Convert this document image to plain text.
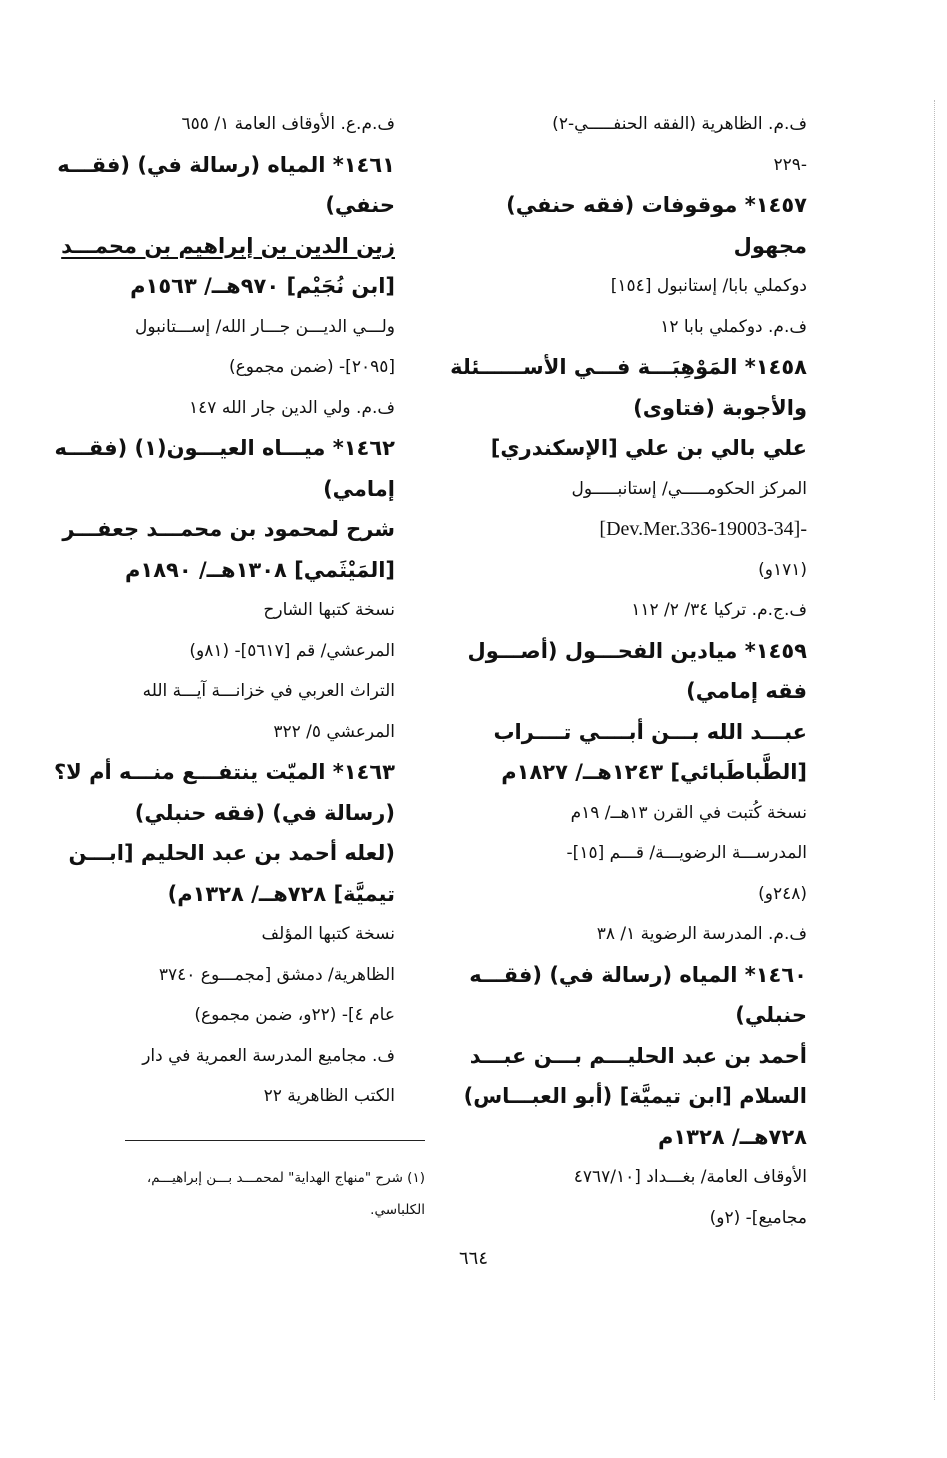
ف.م. الظاهرية (الفقه الحنفـــــي-٢)
-٢٢٩
١٤٥٧* موقوفات (فقه حنفي)
مجهول
دوكملي بابا/ إستانبول [١٥٤]
ف.م. دوكملي بابا ١٢
١٤٥٨* المَوْهِبَـــة فـــي الأســــــئلة
والأجوبة (فتاوى)
علي بالي بن علي [الإسكندري]
المركز الحكومـــــي/ إستانبـــــول
-[34-Dev.Mer.336-19003]
(١٧١و)
ف.ج.م. تركيا ٣٤/ ٢/ ١١٢
١٤٥٩* ميادين الفحـــول (أصـــول
فقه إمامي)
عبـــد الله بـــن أبــــي تــــراب
[الطَّباطَبائي] ١٢٤٣هــ/ ١٨٢٧م
نسخة كُتبت في القرن ١٣هــ/ ١٩م
المدرســـة الرضويـــة/ قـــم [١٥]-
(٢٤٨و)
ف.م. المدرسة الرضوية ١/ ٣٨
١٤٦٠* المياه (رسالة في) (فقـــه
حنبلي)
أحمد بن عبد الحليـــم بـــن عبـــد
السلام [ابن تيميَّة] (أبو العبـــاس)
٧٢٨هــ/ ١٣٢٨م
الأوقاف العامة/ بغـــداد [٤٧٦٧/١٠
مجاميع]- (٢و)
ف.م.ع. الأوقاف العامة ١/ ٦٥٥
١٤٦١* المياه (رسالة في) (فقـــه
حنفي)
زين الدين بن إبراهيم بن محمـــد
[ابن نُجَيْم] ٩٧٠هــ/ ١٥٦٣م
ولـــي الديـــن جـــار الله/ إســـتانبول
[٢٠٩٥]- (ضمن مجموع)
ف.م. ولي الدين جار الله ١٤٧
١٤٦٢* ميـــاه العيـــون(١) (فقـــه
إمامي)
شرح لمحمود بن محمـــد جعفـــر
[المَيْثَمي] ١٣٠٨هــ/ ١٨٩٠م
نسخة كتبها الشارح
المرعشي/ قم [٥٦١٧]- (٨١و)
التراث العربي في خزانـــة آيـــة الله
المرعشي ٥/ ٣٢٢
١٤٦٣* الميّت ينتفـــع منـــه أم لا؟
(رسالة في) (فقه حنبلي)
(لعله أحمد بن عبد الحليم [ابـــن
تيميَّة] ٧٢٨هــ/ ١٣٢٨م)
نسخة كتبها المؤلف
الظاهرية/ دمشق [مجمـــوع ٣٧٤٠
عام ٤]- (٢٢و، ضمن مجموع)
ف. مجاميع المدرسة العمرية في دار
الكتب الظاهرية ٢٢
(١) شرح "منهاج الهداية" لمحمـــد بـــن إبراهيـــم،
الكلباسي.
٦٦٤
